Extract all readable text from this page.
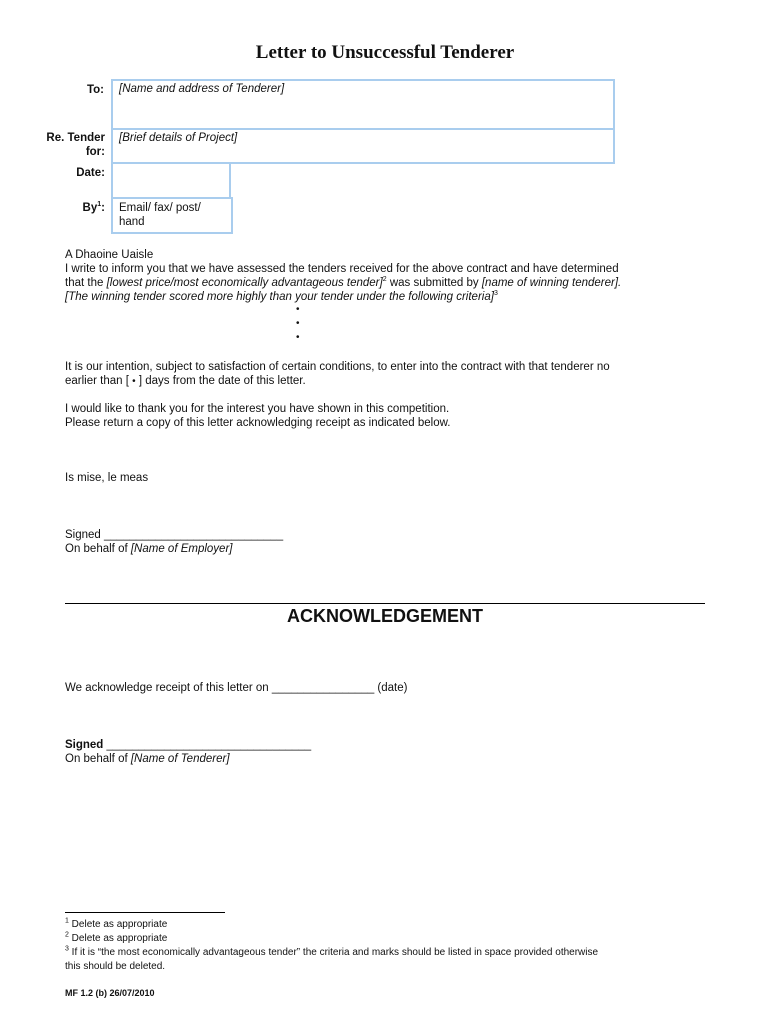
Letter to Unsuccessful Tenderer
To:	[Name and address of Tenderer]
Re. Tender
for:
[Brief details of Project]
Date:
By$^1$: Email/ fax/ post/
hand
A Dhaoine Uaisle
I write to inform you that we have assessed the tenders received for the above contract and have determined
that the [lowest price/most economically advantageous tender]$^2$ was submitted by [name of winning tenderer].
[The winning tender scored more highly than your tender under the following criteria]$^3$
•
•
•
It is our intention, subject to satisfaction of certain conditions, to enter into the contract with that tenderer no
earlier than [ • ] days from the date of this letter.
I would like to thank you for the interest you have shown in this competition.
Please return a copy of this letter acknowledging receipt as indicated below.
Is mise, le meas
Signed ____________________________
On behalf of [Name of Employer]
ACKNOWLEDGEMENT
We acknowledge receipt of this letter on ________________ (date)
Signed ________________________________
On behalf of [Name of Tenderer]
$^1$ Delete as appropriate
$^2$ Delete as appropriate
$^3$ If it is “the most economically advantageous tender” the criteria and marks should be listed in space provided otherwise
this should be deleted.
MF 1.2 (b) 26/07/2010
